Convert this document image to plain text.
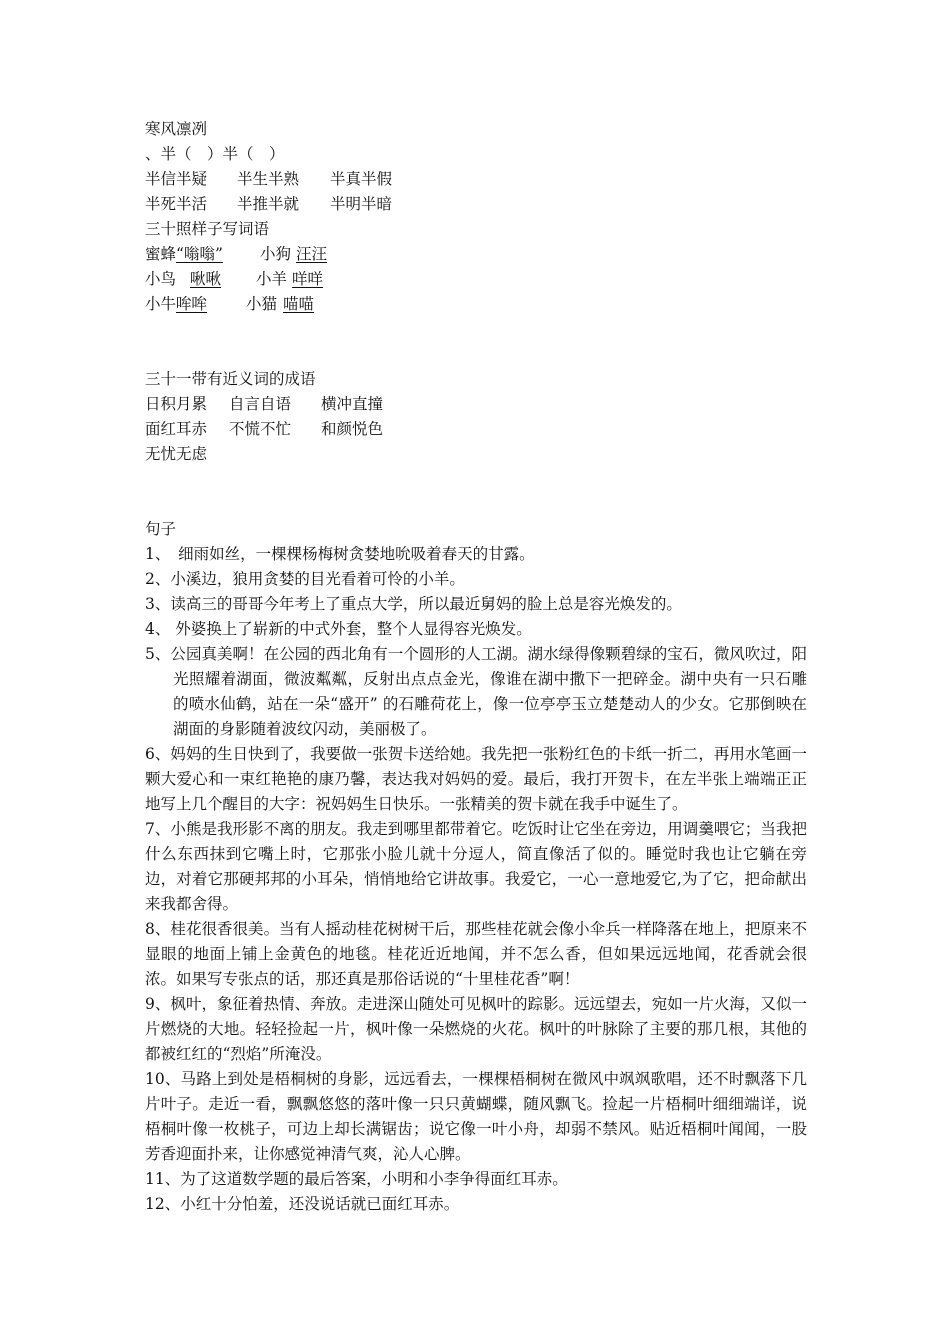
寒风凛冽
、半（　）半（　）
半信半疑 半生半熟 半真半假
半死半活 半推半就 半明半暗
三十照样子写词语
蜜蜂“嗡嗡” 小狗 汪汪
小鸟 啾啾 小羊 咩咩
小牛哞哞	小猫 喵喵
三十一带有近义词的成语
日积月累 自言自语 横冲直撞
面红耳赤 不慌不忙 和颜悦色
无忧无虑
句子

1、　细雨如丝，一棵棵杨梅树贪婪地吮吸着春天的甘露。

2、小溪边，狼用贪婪的目光看着可怜的小羊。

3、读高三的哥哥今年考上了重点大学，所以最近舅妈的脸上总是容光焕发的。

4、 外婆换上了崭新的中式外套，整个人显得容光焕发。

5、公园真美啊！在公园的西北角有一个圆形的人工湖。湖水绿得像颗碧绿的宝石，微风吹过，阳光照耀着湖面，微波粼粼，反射出点点金光，像谁在湖中撒下一把碎金。湖中央有一只石雕的喷水仙鹤，站在一朵“盛开” 的石雕荷花上，像一位亭亭玉立楚楚动人的少女。它那倒映在湖面的身影随着波纹闪动，美丽极了。

6、妈妈的生日快到了，我要做一张贺卡送给她。我先把一张粉红色的卡纸一折二，再用水笔画一颗大爱心和一束红艳艳的康乃馨，表达我对妈妈的爱。最后，我打开贺卡，在左半张上端端正正地写上几个醒目的大字：祝妈妈生日快乐。一张精美的贺卡就在我手中诞生了。

7、小熊是我形影不离的朋友。我走到哪里都带着它。吃饭时让它坐在旁边，用调羹喂它；当我把什么东西抹到它嘴上时，它那张小脸儿就十分逗人，简直像活了似的。睡觉时我也让它躺在旁边，对着它那硬邦邦的小耳朵，悄悄地给它讲故事。我爱它，一心一意地爱它,为了它，把命献出来我都舍得。

8、桂花很香很美。当有人摇动桂花树树干后，那些桂花就会像小伞兵一样降落在地上，把原来不显眼的地面上铺上金黄色的地毯。桂花近近地闻，并不怎么香，但如果远远地闻，花香就会很浓。如果写专张点的话，那还真是那俗话说的“十里桂花香”啊！

9、枫叶，象征着热情、奔放。走进深山随处可见枫叶的踪影。远远望去，宛如一片火海，又似一片燃烧的大地。轻轻捡起一片，枫叶像一朵燃烧的火花。枫叶的叶脉除了主要的那几根，其他的都被红红的“烈焰”所淹没。

10、马路上到处是梧桐树的身影，远远看去，一棵棵梧桐树在微风中飒飒歌唱，还不时飘落下几片叶子。走近一看，飘飘悠悠的落叶像一只只黄蝴蝶，随风飘飞。捡起一片梧桐叶细细端详，说梧桐叶像一枚桃子，可边上却长满锯齿；说它像一叶小舟，却弱不禁风。贴近梧桐叶闻闻，一股芳香迎面扑来，让你感觉神清气爽，沁人心脾。

11、为了这道数学题的最后答案，小明和小李争得面红耳赤。

12、小红十分怕羞，还没说话就已面红耳赤。
